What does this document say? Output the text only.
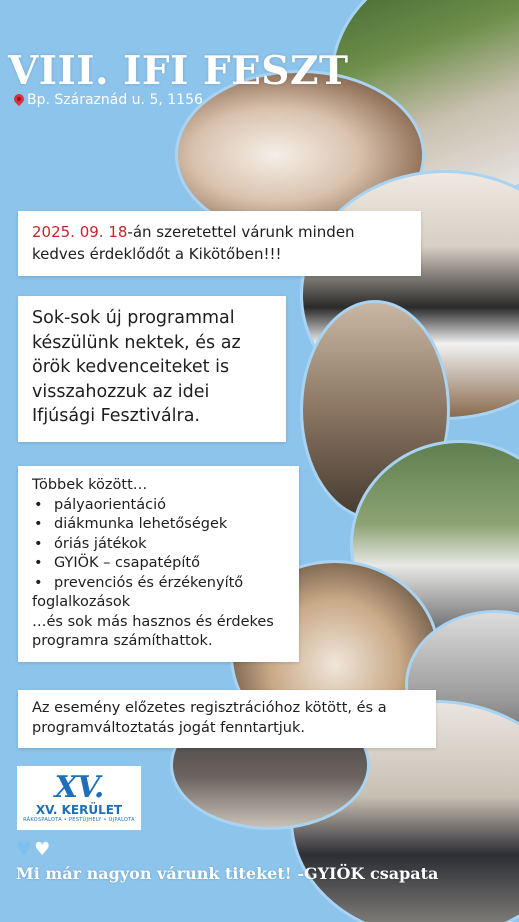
VIII. IFI FESZT
Bp. Száraznád u. 5, 1156
2025. 09. 18-án szeretettel várunk minden
kedves érdeklődőt a Kikötőben!!!
Sok-sok új programmal
készülünk nektek, és az
örök kedvenceiteket is
visszahozzuk az idei
Ifjúsági Fesztiválra.
Többek között…
• pályaorientáció
• diákmunka lehetőségek
• óriás játékok
• GYIÖK – csapatépítő
• prevenciós és érzékenyítő
foglalkozások
…és sok más hasznos és érdekes
programra számíthattok.
Az esemény előzetes regisztrációhoz kötött, és a
programváltoztatás jogát fenntartjuk.
XV.
XV. KERÜLET
RÁKOSPALOTA • PESTÚJHELY • ÚJPALOTA
♥ ♥
Mi már nagyon várunk titeket! -GYIÖK csapata
